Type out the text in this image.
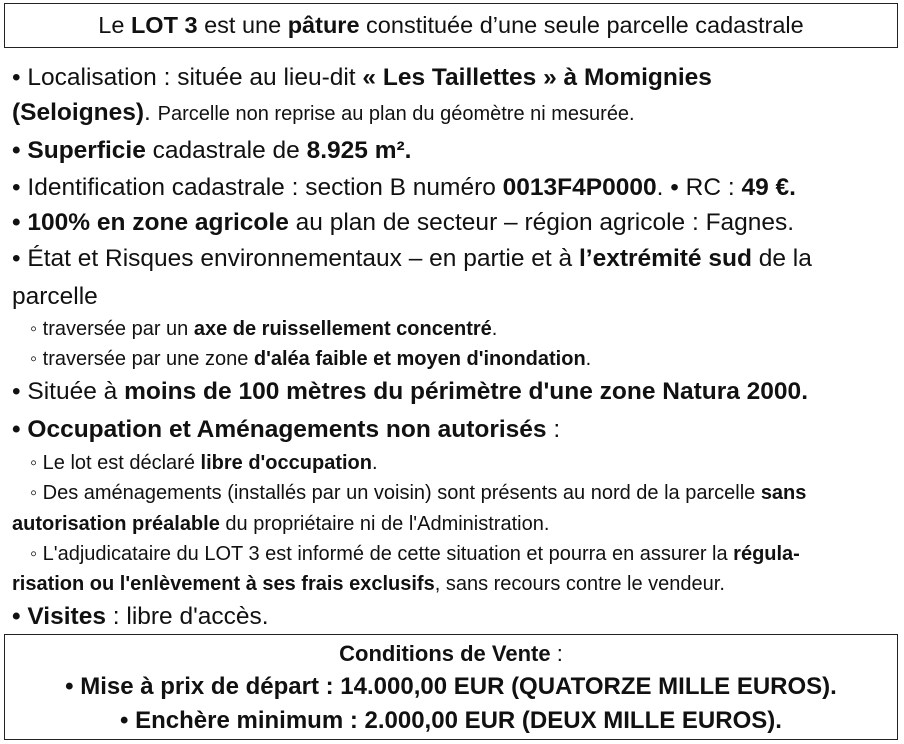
Le LOT 3 est une pâture constituée d’une seule parcelle cadastrale
• Localisation : située au lieu-dit « Les Taillettes » à Momignies
(Seloignes). Parcelle non reprise au plan du géomètre ni mesurée.
• Superficie cadastrale de 8.925 m².
• Identification cadastrale : section B numéro 0013F4P0000. • RC : 49 €.
• 100% en zone agricole au plan de secteur – région agricole : Fagnes.
• État et Risques environnementaux – en partie et à l’extrémité sud de la
parcelle
◦ traversée par un axe de ruissellement concentré.
◦ traversée par une zone d'aléa faible et moyen d'inondation.
• Située à moins de 100 mètres du périmètre d'une zone Natura 2000.
• Occupation et Aménagements non autorisés :
◦ Le lot est déclaré libre d'occupation.
◦ Des aménagements (installés par un voisin) sont présents au nord de la parcelle sans
autorisation préalable du propriétaire ni de l'Administration.
◦ L'adjudicataire du LOT 3 est informé de cette situation et pourra en assurer la régula-
risation ou l'enlèvement à ses frais exclusifs, sans recours contre le vendeur.
• Visites : libre d'accès.
Conditions de Vente :
• Mise à prix de départ : 14.000,00 EUR (QUATORZE MILLE EUROS).
• Enchère minimum : 2.000,00 EUR (DEUX MILLE EUROS).
